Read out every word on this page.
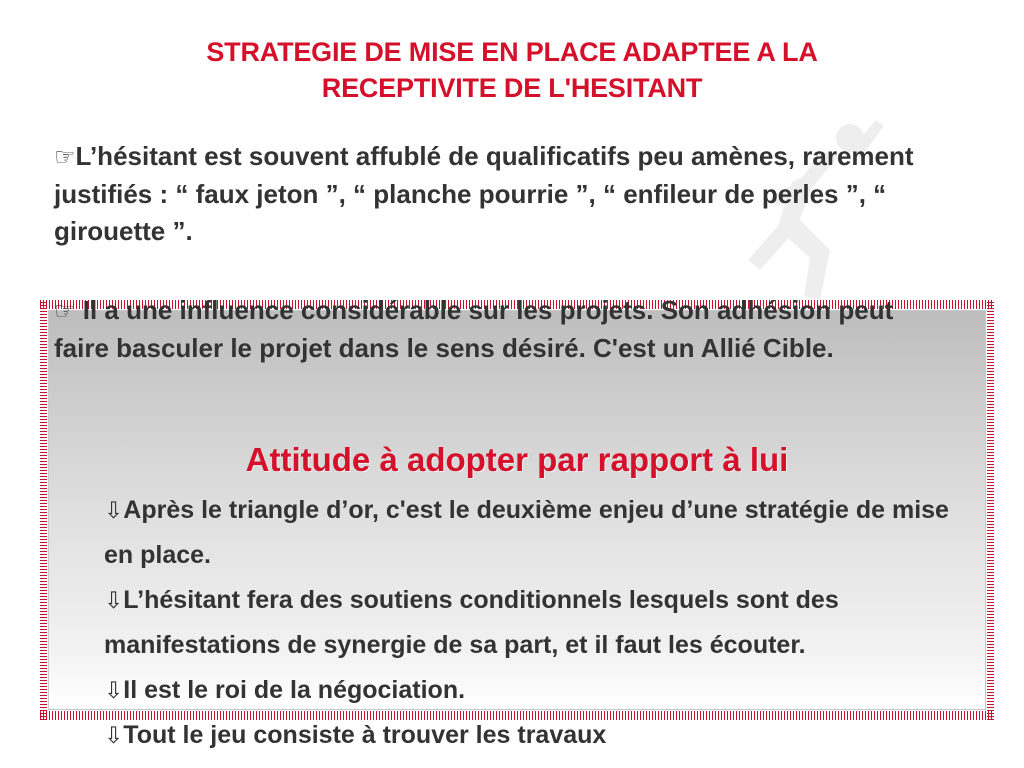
STRATEGIE DE MISE EN PLACE ADAPTEE A LA
RECEPTIVITE DE L'HESITANT
☞L’hésitant est souvent affublé de qualificatifs peu amènes, rarement justifiés : “ faux jeton ”, “ planche pourrie ”, “ enfileur de perles ”, “ girouette ”.
☞ Il a une influence considérable sur les projets. Son adhésion peut faire basculer le projet dans le sens désiré. C'est un Allié Cible.
Attitude à adopter par rapport à lui
⇩Après le triangle d’or, c'est le deuxième enjeu d’une stratégie de mise en place.
⇩L’hésitant fera des soutiens conditionnels lesquels sont des manifestations de synergie de sa part, et il faut les écouter.
⇩Il est le roi de la négociation.
⇩Tout le jeu consiste à trouver les travaux
